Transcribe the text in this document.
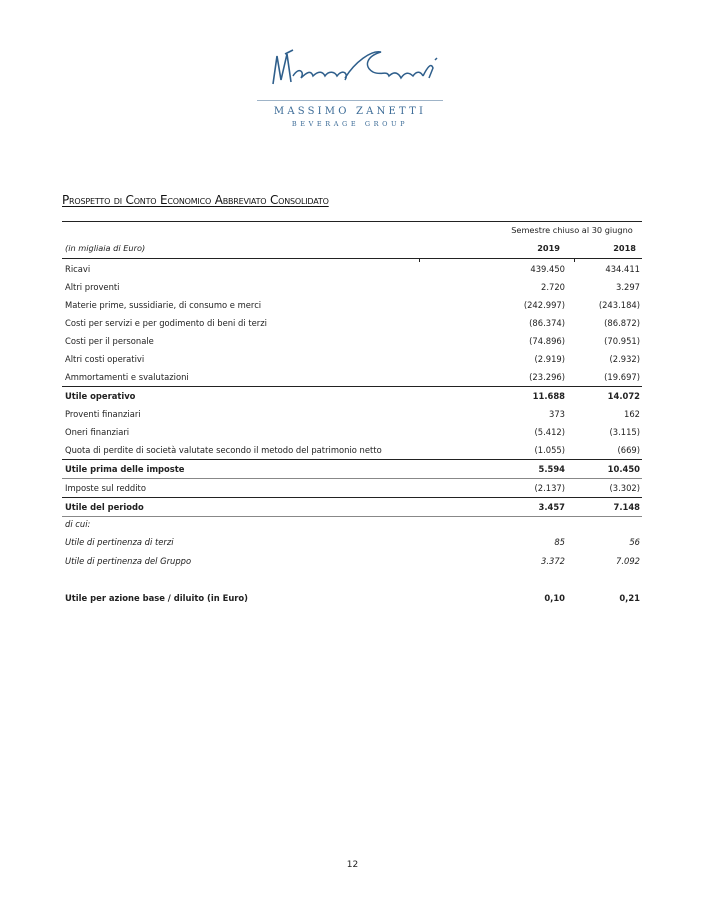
MASSIMO ZANETTI
BEVERAGE GROUP
Prospetto di Conto Economico Abbreviato Consolidato
Semestre chiuso al 30 giugno
(in migliaia di Euro)	2019	2018
Ricavi	439.450	434.411
Altri proventi	2.720	3.297
Materie prime, sussidiarie, di consumo e merci	(242.997)	(243.184)
Costi per servizi e per godimento di beni di terzi	(86.374)	(86.872)
Costi per il personale	(74.896)	(70.951)
Altri costi operativi	(2.919)	(2.932)
Ammortamenti e svalutazioni	(23.296)	(19.697)
Utile operativo	11.688	14.072
Proventi finanziari	373	162
Oneri finanziari	(5.412)	(3.115)
Quota di perdite di società valutate secondo il metodo del patrimonio netto	(1.055)	(669)
Utile prima delle imposte	5.594	10.450
Imposte sul reddito	(2.137)	(3.302)
Utile del periodo	3.457	7.148
di cui:
Utile di pertinenza di terzi	85	56
Utile di pertinenza del Gruppo	3.372	7.092
Utile per azione base / diluito (in Euro)	0,10	0,21
12
